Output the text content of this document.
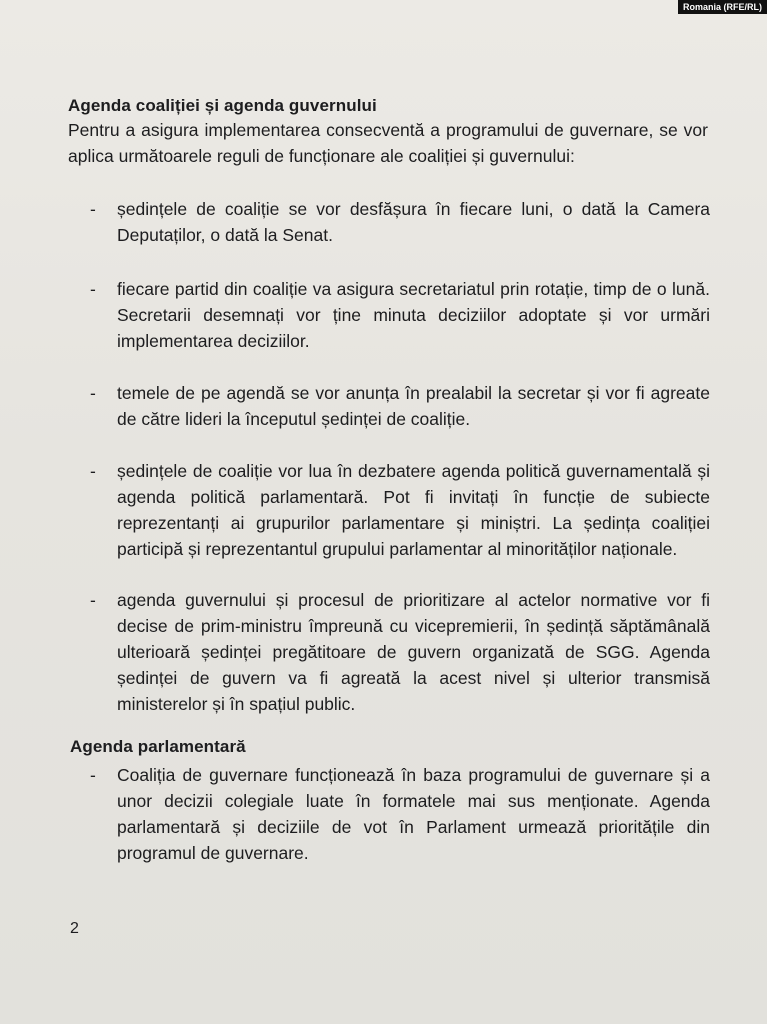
Romania (RFE/RL)
Agenda coaliției și agenda guvernului
Pentru a asigura implementarea consecventă a programului de guvernare, se vor
aplica următoarele reguli de funcționare ale coaliției și guvernului:
-	ședințele de coaliție se vor desfășura în fiecare luni, o dată la Camera
Deputaților, o dată la Senat.
-	fiecare partid din coaliție va asigura secretariatul prin rotație, timp de o lună.
Secretarii desemnați vor ține minuta deciziilor adoptate și vor urmări
implementarea deciziilor.
-	temele de pe agendă se vor anunța în prealabil la secretar și vor fi agreate
de către lideri la începutul ședinței de coaliție.
-	ședințele de coaliție vor lua în dezbatere agenda politică guvernamentală și
agenda politică parlamentară. Pot fi invitați în funcție de subiecte
reprezentanți ai grupurilor parlamentare și miniștri. La ședința coaliției
participă și reprezentantul grupului parlamentar al minorităților naționale.
-	agenda guvernului și procesul de prioritizare al actelor normative vor fi
decise de prim-ministru împreună cu vicepremierii, în ședință săptămânală
ulterioară ședinței pregătitoare de guvern organizată de SGG. Agenda
ședinței de guvern va fi agreată la acest nivel și ulterior transmisă
ministerelor și în spațiul public.
Agenda parlamentară
-	Coaliția de guvernare funcționează în baza programului de guvernare și a
unor decizii colegiale luate în formatele mai sus menționate. Agenda
parlamentară și deciziile de vot în Parlament urmează prioritățile din
programul de guvernare.
2
